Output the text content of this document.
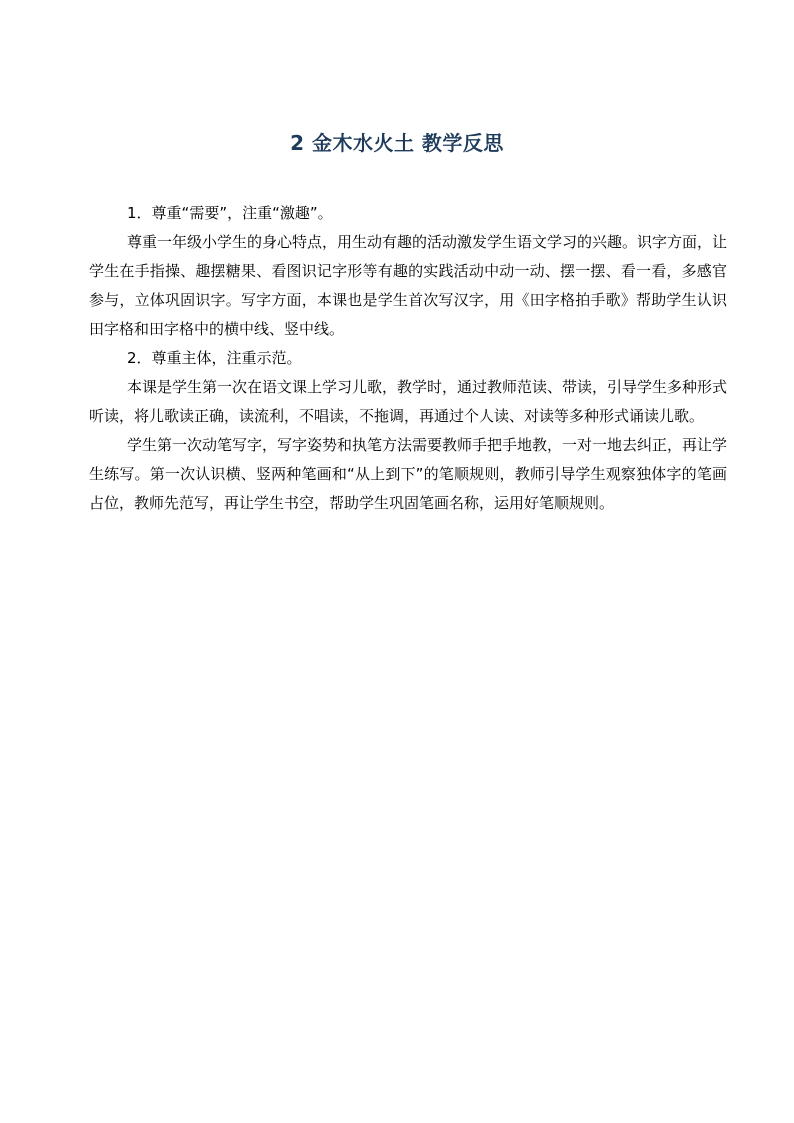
2 金木水火土 教学反思

1．尊重“需要”，注重“激趣”。

尊重一年级小学生的身心特点，用生动有趣的活动激发学生语文学习的兴趣。识字方面，让学生在手指操、趣摆糖果、看图识记字形等有趣的实践活动中动一动、摆一摆、看一看，多感官参与，立体巩固识字。写字方面，本课也是学生首次写汉字，用《田字格拍手歌》帮助学生认识田字格和田字格中的横中线、竖中线。

2．尊重主体，注重示范。

本课是学生第一次在语文课上学习儿歌，教学时，通过教师范读、带读，引导学生多种形式听读，将儿歌读正确，读流利，不唱读，不拖调，再通过个人读、对读等多种形式诵读儿歌。

学生第一次动笔写字，写字姿势和执笔方法需要教师手把手地教，一对一地去纠正，再让学生练写。第一次认识横、竖两种笔画和“从上到下”的笔顺规则，教师引导学生观察独体字的笔画占位，教师先范写，再让学生书空，帮助学生巩固笔画名称，运用好笔顺规则。
